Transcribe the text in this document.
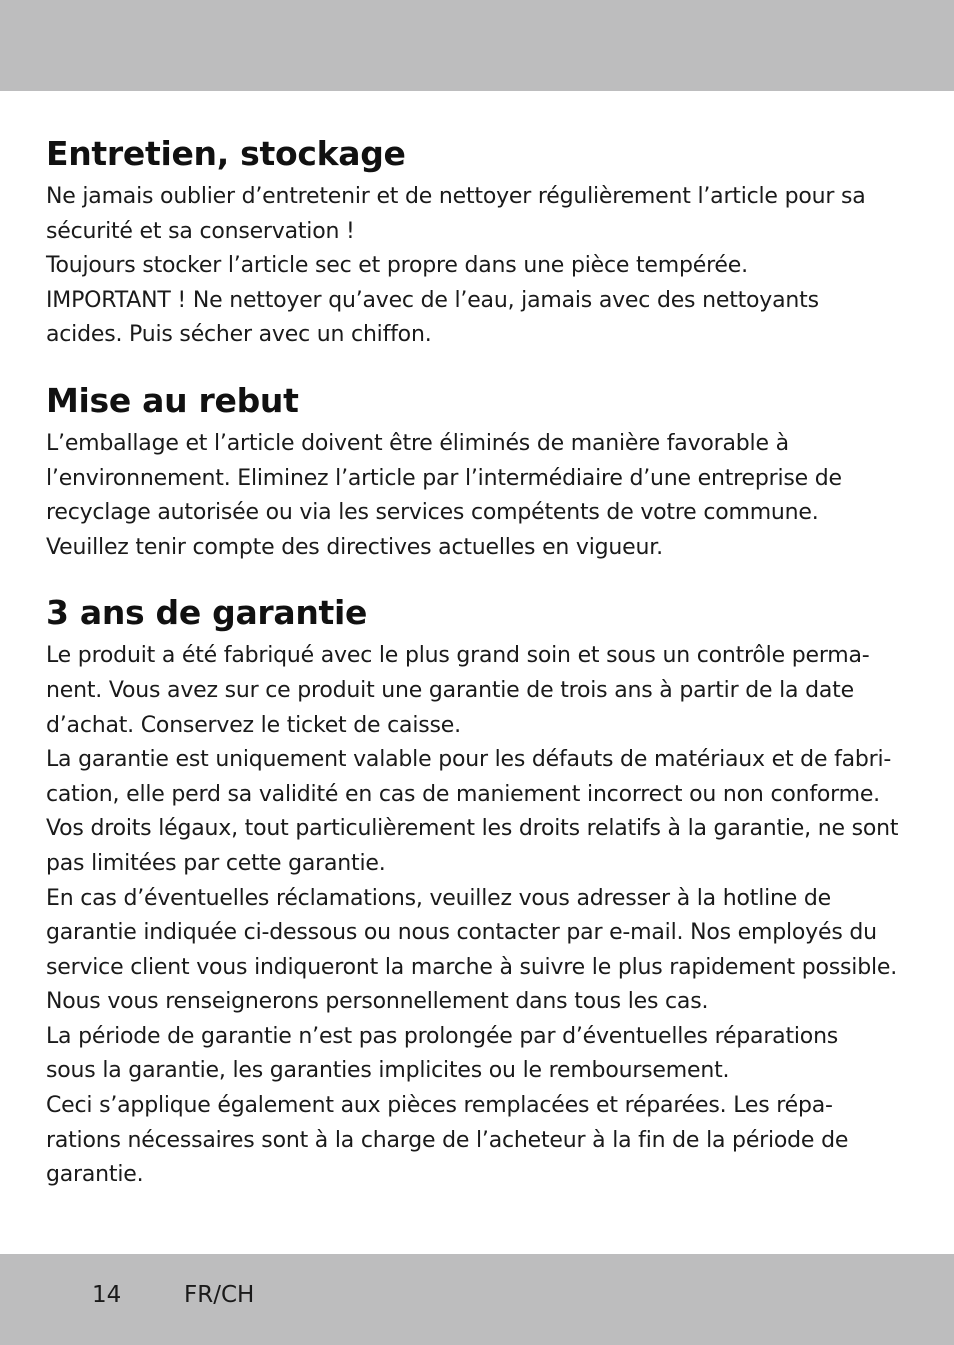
Entretien, stockage

Ne jamais oublier d’entretenir et de nettoyer régulièrement l’article pour sa

sécurité et sa conservation !

Toujours stocker l’article sec et propre dans une pièce tempérée.

IMPORTANT ! Ne nettoyer qu’avec de l’eau, jamais avec des nettoyants

acides. Puis sécher avec un chiffon.

Mise au rebut

L’emballage et l’article doivent être éliminés de manière favorable à

l’environnement. Eliminez l’article par l’intermédiaire d’une entreprise de

recyclage autorisée ou via les services compétents de votre commune.

Veuillez tenir compte des directives actuelles en vigueur.

3 ans de garantie

Le produit a été fabriqué avec le plus grand soin et sous un contrôle perma-

nent. Vous avez sur ce produit une garantie de trois ans à partir de la date

d’achat. Conservez le ticket de caisse.

La garantie est uniquement valable pour les défauts de matériaux et de fabri-

cation, elle perd sa validité en cas de maniement incorrect ou non conforme.

Vos droits légaux, tout particulièrement les droits relatifs à la garantie, ne sont

pas limitées par cette garantie.

En cas d’éventuelles réclamations, veuillez vous adresser à la hotline de

garantie indiquée ci-dessous ou nous contacter par e-mail. Nos employés du

service client vous indiqueront la marche à suivre le plus rapidement possible.

Nous vous renseignerons personnellement dans tous les cas.

La période de garantie n’est pas prolongée par d’éventuelles réparations

sous la garantie, les garanties implicites ou le remboursement.

Ceci s’applique également aux pièces remplacées et réparées. Les répa-

rations nécessaires sont à la charge de l’acheteur à la fin de la période de

garantie.

14	FR/CH
